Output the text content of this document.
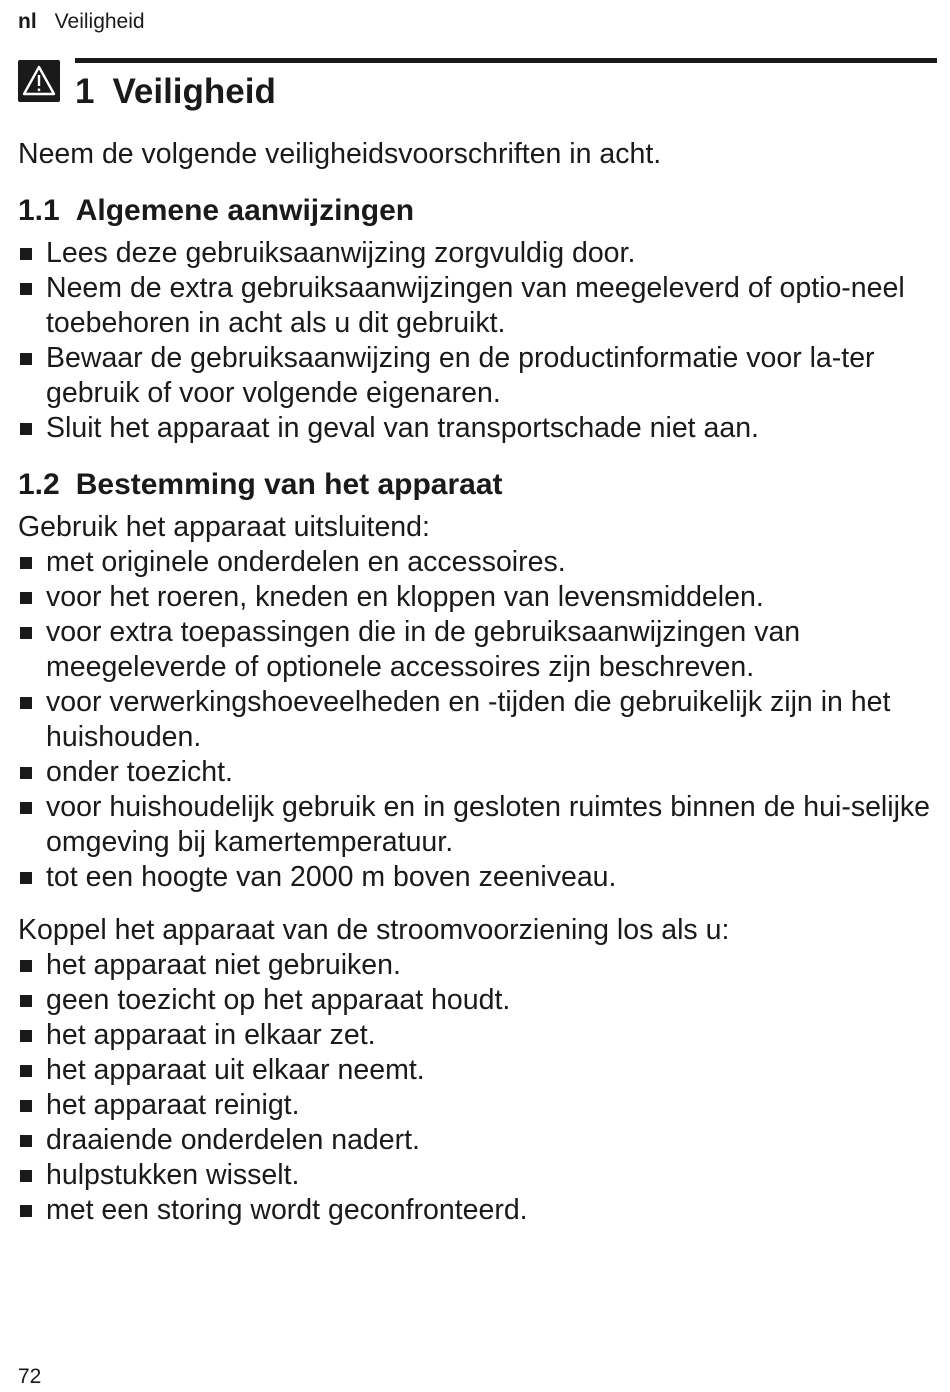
nl Veiligheid
1 Veiligheid

Neem de volgende veiligheidsvoorschriften in acht.

1.1 Algemene aanwijzingen
Lees deze gebruiksaanwijzing zorgvuldig door.
Neem de extra gebruiksaanwijzingen van meegeleverd of optio-neel toebehoren in acht als u dit gebruikt.
Bewaar de gebruiksaanwijzing en de productinformatie voor la-ter gebruik of voor volgende eigenaren.
Sluit het apparaat in geval van transportschade niet aan.
1.2 Bestemming van het apparaat

Gebruik het apparaat uitsluitend:

met originele onderdelen en accessoires.
voor het roeren, kneden en kloppen van levensmiddelen.
voor extra toepassingen die in de gebruiksaanwijzingen van meegeleverde of optionele accessoires zijn beschreven.
voor verwerkingshoeveelheden en -tijden die gebruikelijk zijn in het huishouden.
onder toezicht.
voor huishoudelijk gebruik en in gesloten ruimtes binnen de hui-selijke omgeving bij kamertemperatuur.
tot een hoogte van 2000 m boven zeeniveau.

Koppel het apparaat van de stroomvoorziening los als u:

het apparaat niet gebruiken.
geen toezicht op het apparaat houdt.
het apparaat in elkaar zet.
het apparaat uit elkaar neemt.
het apparaat reinigt.
draaiende onderdelen nadert.
hulpstukken wisselt.
met een storing wordt geconfronteerd.
72
